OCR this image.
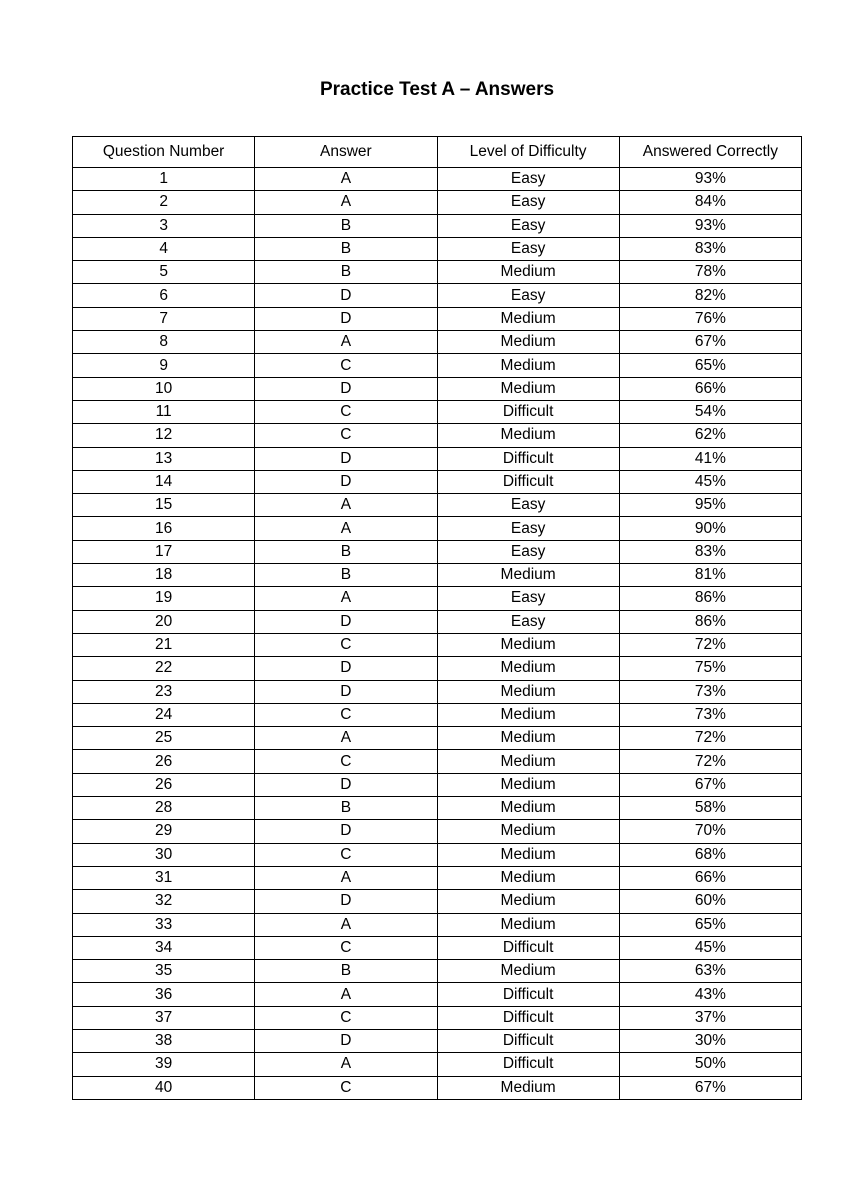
Practice Test A – Answers
Question Number	Answer	Level of Difficulty	Answered Correctly
1	A	Easy	93%
2	A	Easy	84%
3	B	Easy	93%
4	B	Easy	83%
5	B	Medium	78%
6	D	Easy	82%
7	D	Medium	76%
8	A	Medium	67%
9	C	Medium	65%
10	D	Medium	66%
11	C	Difficult	54%
12	C	Medium	62%
13	D	Difficult	41%
14	D	Difficult	45%
15	A	Easy	95%
16	A	Easy	90%
17	B	Easy	83%
18	B	Medium	81%
19	A	Easy	86%
20	D	Easy	86%
21	C	Medium	72%
22	D	Medium	75%
23	D	Medium	73%
24	C	Medium	73%
25	A	Medium	72%
26	C	Medium	72%
26	D	Medium	67%
28	B	Medium	58%
29	D	Medium	70%
30	C	Medium	68%
31	A	Medium	66%
32	D	Medium	60%
33	A	Medium	65%
34	C	Difficult	45%
35	B	Medium	63%
36	A	Difficult	43%
37	C	Difficult	37%
38	D	Difficult	30%
39	A	Difficult	50%
40	C	Medium	67%
